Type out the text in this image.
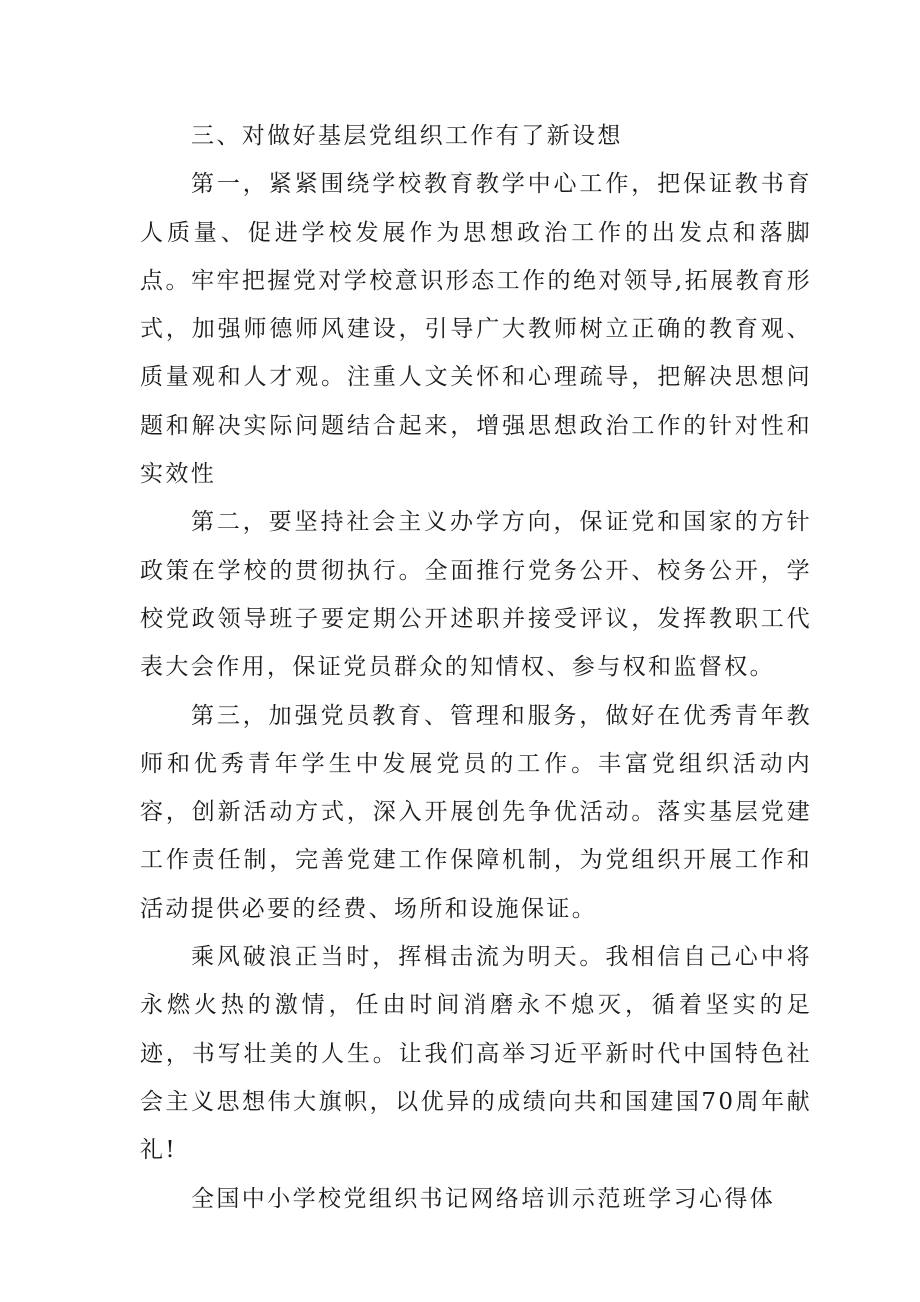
三、对做好基层党组织工作有了新设想

第一，紧紧围绕学校教育教学中心工作，把保证教书育人质量、促进学校发展作为思想政治工作的出发点和落脚点。牢牢把握党对学校意识形态工作的绝对领导,拓展教育形式，加强师德师风建设，引导广大教师树立正确的教育观、质量观和人才观。注重人文关怀和心理疏导，把解决思想问题和解决实际问题结合起来，增强思想政治工作的针对性和实效性

第二，要坚持社会主义办学方向，保证党和国家的方针政策在学校的贯彻执行。全面推行党务公开、校务公开，学校党政领导班子要定期公开述职并接受评议，发挥教职工代表大会作用，保证党员群众的知情权、参与权和监督权。

第三，加强党员教育、管理和服务，做好在优秀青年教师和优秀青年学生中发展党员的工作。丰富党组织活动内容，创新活动方式，深入开展创先争优活动。落实基层党建工作责任制，完善党建工作保障机制，为党组织开展工作和活动提供必要的经费、场所和设施保证。

乘风破浪正当时，挥楫击流为明天。我相信自己心中将永燃火热的激情，任由时间消磨永不熄灭，循着坚实的足迹，书写壮美的人生。让我们高举习近平新时代中国特色社会主义思想伟大旗帜，以优异的成绩向共和国建国70周年献礼!

全国中小学校党组织书记网络培训示范班学习心得体
